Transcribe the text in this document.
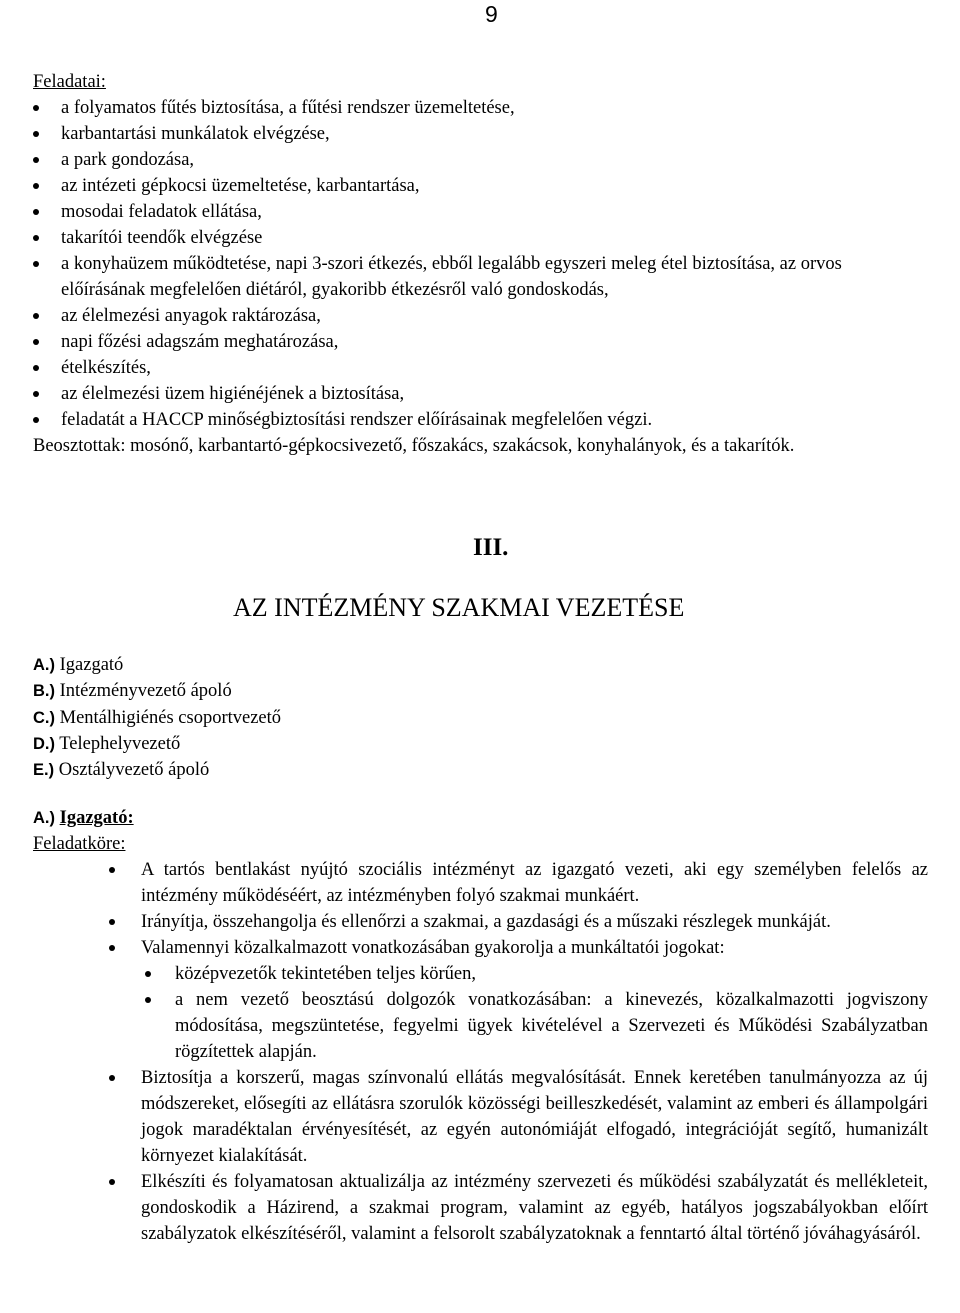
9
Feladatai:
a folyamatos fűtés biztosítása, a fűtési rendszer üzemeltetése,
karbantartási munkálatok elvégzése,
a park gondozása,
az intézeti gépkocsi üzemeltetése, karbantartása,
mosodai feladatok ellátása,
takarítói teendők elvégzése
a konyhaüzem működtetése, napi 3-szori étkezés, ebből legalább egyszeri meleg étel biztosítása, az orvos előírásának megfelelően diétáról, gyakoribb étkezésről való gondoskodás,
az élelmezési anyagok raktározása,
napi főzési adagszám meghatározása,
ételkészítés,
az élelmezési üzem higiénéjének a biztosítása,
feladatát a HACCP minőségbiztosítási rendszer előírásainak megfelelően végzi.

Beosztottak: mosónő, karbantartó-gépkocsivezető, főszakács, szakácsok, konyhalányok, és a takarítók.

III.
AZ INTÉZMÉNY SZAKMAI VEZETÉSE
A.) Igazgató
B.) Intézményvezető ápoló
C.) Mentálhigiénés csoportvezető
D.) Telephelyvezető
E.) Osztályvezető ápoló
A.) Igazgató:
Feladatköre:
A tartós bentlakást nyújtó szociális intézményt az igazgató vezeti, aki egy személyben felelős az intézmény működéséért, az intézményben folyó szakmai munkáért.
Irányítja, összehangolja és ellenőrzi a szakmai, a gazdasági és a műszaki részlegek munkáját.
Valamennyi közalkalmazott vonatkozásában gyakorolja a munkáltatói jogokat:
középvezetők tekintetében teljes körűen,
a nem vezető beosztású dolgozók vonatkozásában: a kinevezés, közalkalmazotti jogviszony módosítása, megszüntetése, fegyelmi ügyek kivételével a Szervezeti és Működési Szabályzatban rögzítettek alapján.
Biztosítja a korszerű, magas színvonalú ellátás megvalósítását. Ennek keretében tanulmányozza az új módszereket, elősegíti az ellátásra szorulók közösségi beilleszkedését, valamint az emberi és állampolgári jogok maradéktalan érvényesítését, az egyén autonómiáját elfogadó, integrációját segítő, humanizált környezet kialakítását.
Elkészíti és folyamatosan aktualizálja az intézmény szervezeti és működési szabályzatát és mellékleteit, gondoskodik a Házirend, a szakmai program, valamint az egyéb, hatályos jogszabályokban előírt szabályzatok elkészítéséről, valamint a felsorolt szabályzatoknak a fenntartó által történő jóváhagyásáról.
